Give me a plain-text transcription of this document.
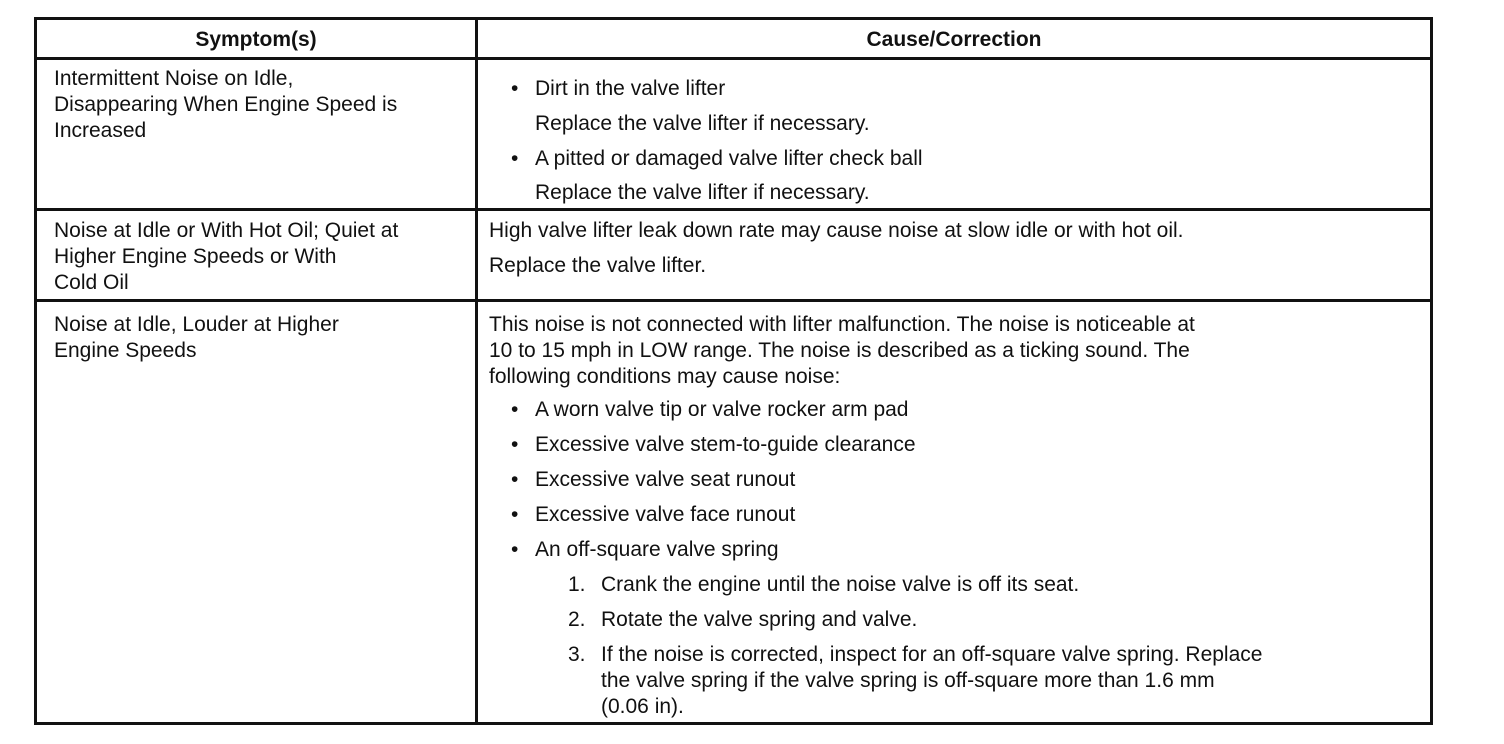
Symptom(s)	Cause/Correction
Intermittent Noise on Idle,
Disappearing When Engine Speed is
Increased
• Dirt in the valve lifter
Replace the valve lifter if necessary.
• A pitted or damaged valve lifter check ball
Replace the valve lifter if necessary.
Noise at Idle or With Hot Oil; Quiet at
Higher Engine Speeds or With
Cold Oil
High valve lifter leak down rate may cause noise at slow idle or with hot oil.
Replace the valve lifter.
Noise at Idle, Louder at Higher
Engine Speeds
This noise is not connected with lifter malfunction. The noise is noticeable at
10 to 15 mph in LOW range. The noise is described as a ticking sound. The
following conditions may cause noise:
• A worn valve tip or valve rocker arm pad
• Excessive valve stem-to-guide clearance
• Excessive valve seat runout
• Excessive valve face runout
• An off-square valve spring
1. Crank the engine until the noise valve is off its seat.
2. Rotate the valve spring and valve.
3. If the noise is corrected, inspect for an off-square valve spring. Replace
the valve spring if the valve spring is off-square more than 1.6 mm
(0.06 in).
